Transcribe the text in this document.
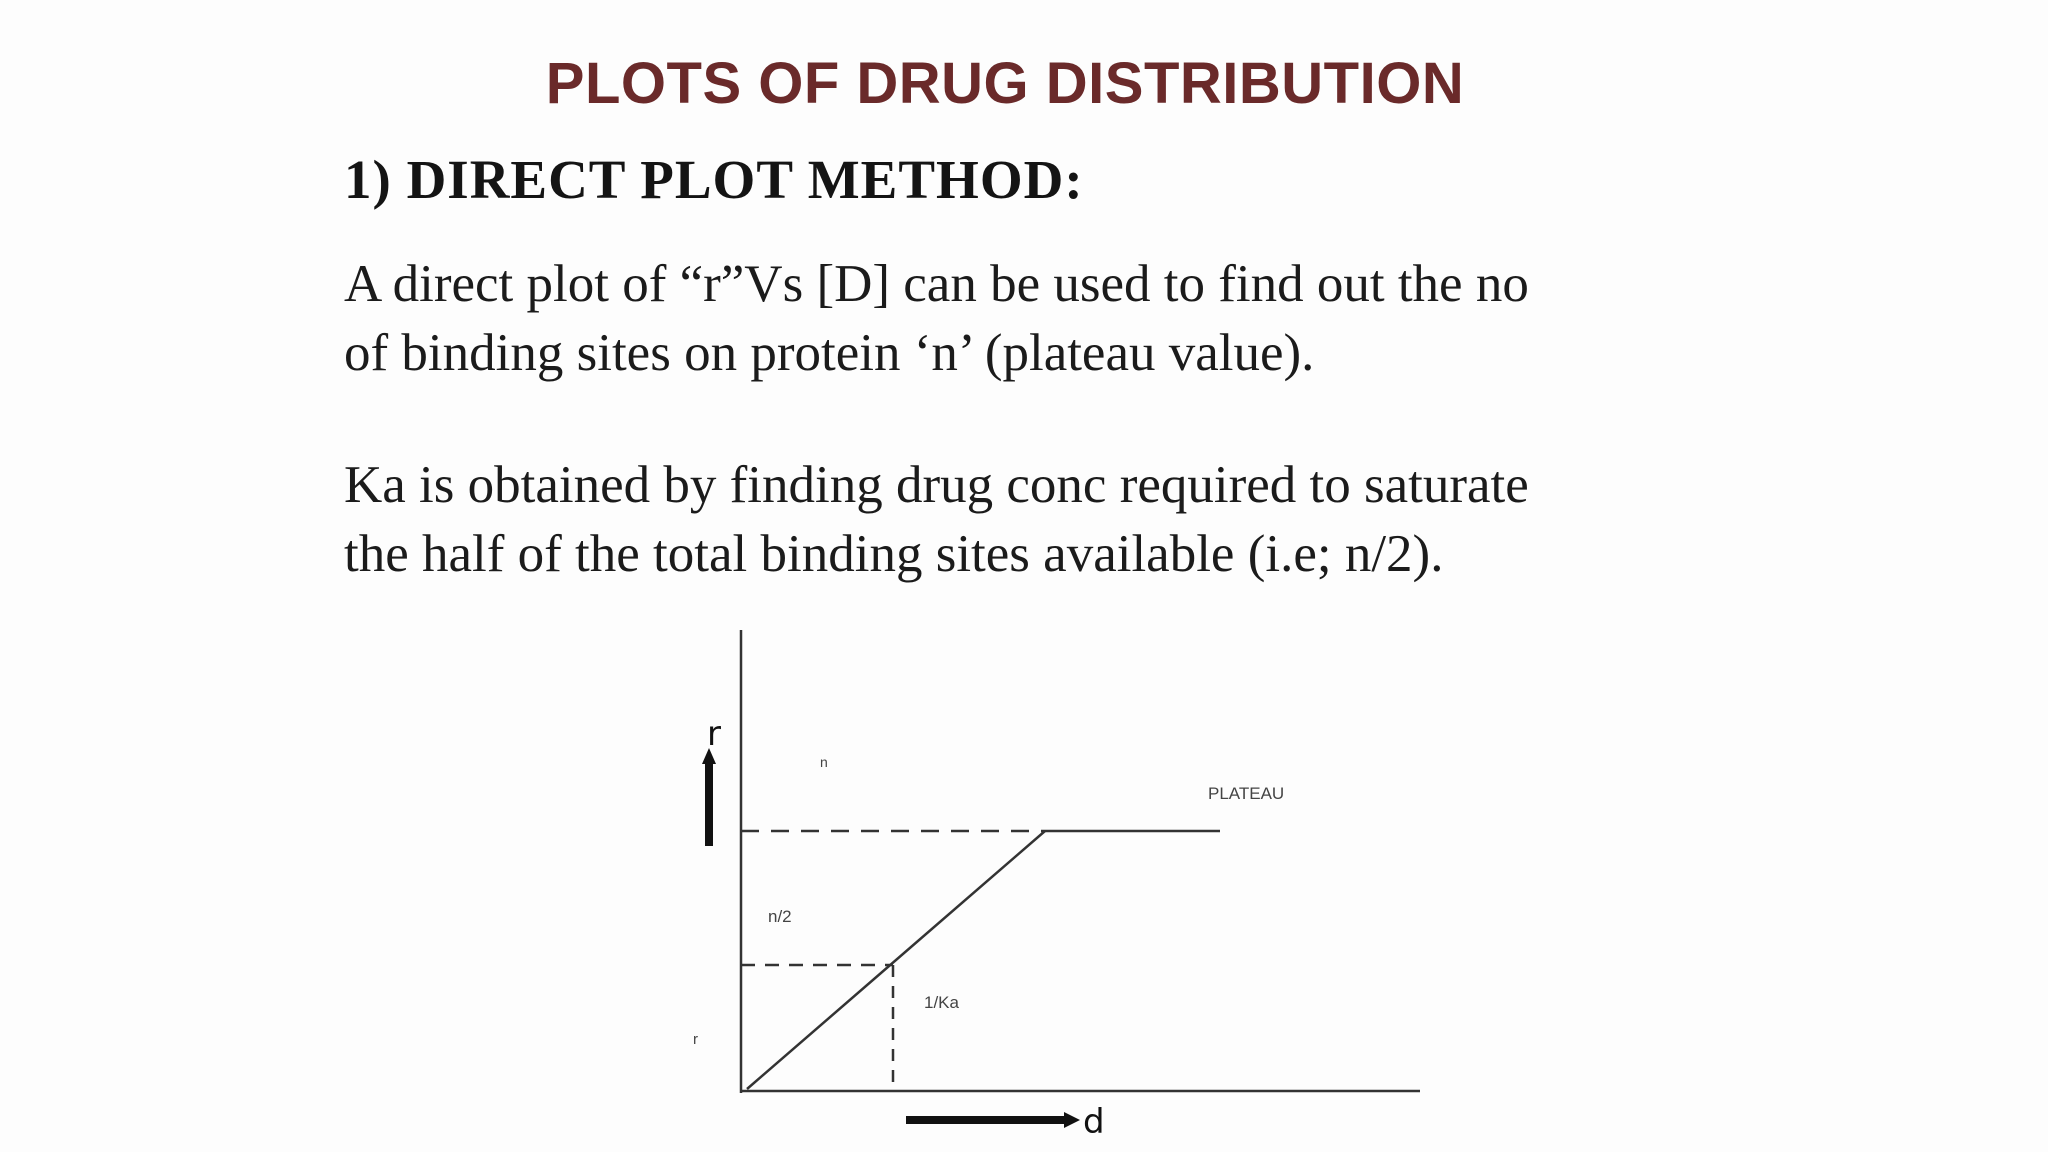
PLOTS OF DRUG DISTRIBUTION
1) DIRECT PLOT METHOD:
A direct plot of “r”Vs [D] can be used to find out the no
of binding sites on protein ‘n’ (plateau value).
Ka is obtained by finding drug conc required to saturate
the half of the total binding sites available (i.e; n/2).
r
d
PLATEAU
n
n/2
1/Ka
r
